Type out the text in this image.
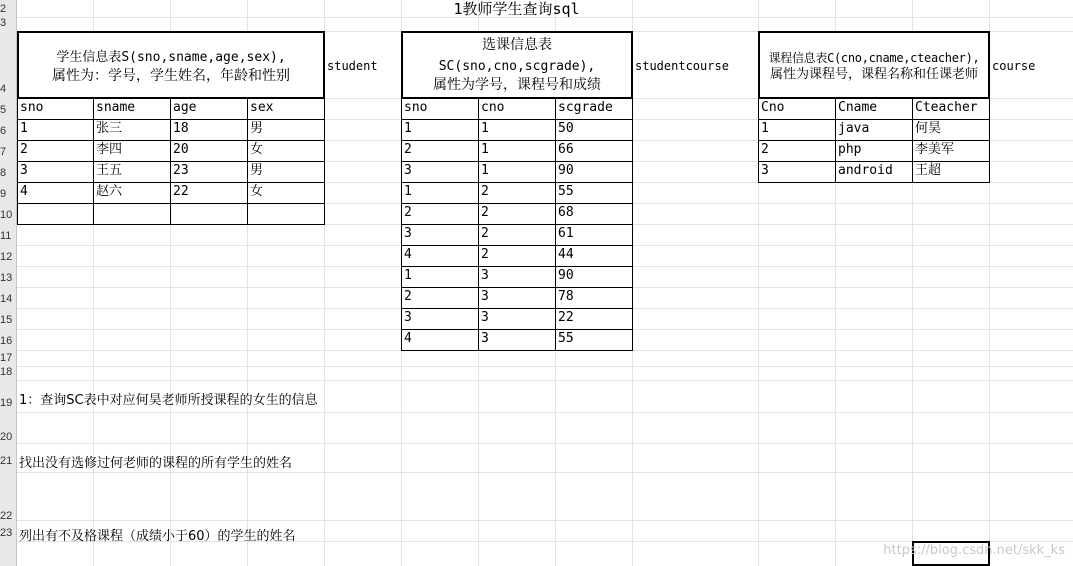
2
3
4
5
6
7
8
9
10
11
12
13
14
15
16
17
18
19
20
21
22
23
1教师学生查询sql
学生信息表S(sno,sname,age,sex),
属性为：学号，学生姓名，年龄和性别
student
sno	sname	age	sex
1	张三	18	男
2	李四	20	女
3	王五	23	男
4	赵六	22	女
选课信息表
SC(sno,cno,scgrade),
属性为学号，课程号和成绩
studentcourse
sno	cno	scgrade
1	1	50
2	1	66
3	1	90
1	2	55
2	2	68
3	2	61
4	2	44
1	3	90
2	3	78
3	3	22
4	3	55
课程信息表C(cno,cname,cteacher),
属性为课程号，课程名称和任课老师
course
Cno	Cname	Cteacher
1	java	何昊
2	php	李美军
3	android	王超
1：查询SC表中对应何昊老师所授课程的女生的信息
找出没有选修过何老师的课程的所有学生的姓名
列出有不及格课程（成绩小于60）的学生的姓名
https://blog.csdn.net/skk_ks
